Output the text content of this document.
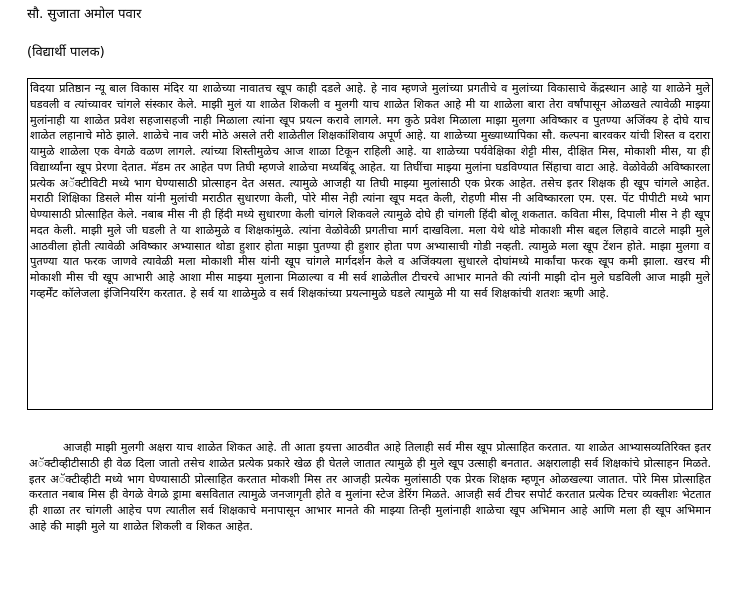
सौ. सुजाता अमोल पवार
(विद्यार्थी पालक)

विदया प्रतिष्ठान न्यू बाल विकास मंदिर या शाळेच्या नावातच खूप काही दडले आहे. हे नाव म्हणजे मुलांच्या प्रगतीचे व मुलांच्या विकासाचे केंद्रस्थान आहे या शाळेने मुले घडवली व त्यांच्यावर चांगले संस्कार केले. माझी मुलं या शाळेत शिकली व मुलगी याच शाळेत शिकत आहे मी या शाळेला बारा तेरा वर्षांपासून ओळखते त्यावेळी माझ्या मुलांनाही या शाळेत प्रवेश सहजासहजी नाही मिळाला त्यांना खूप प्रयत्न करावे लागले. मग कुठे प्रवेश मिळाला माझा मुलगा अविष्कार व पुतण्या अजिंक्य हे दोघे याच शाळेत लहानाचे मोठे झाले. शाळेचे नाव जरी मोठे असले तरी शाळेतील शिक्षकांशिवाय अपूर्ण आहे. या शाळेच्या मुख्याध्यापिका सौ. कल्पना बारवकर यांची शिस्त व दरारा यामुळे शाळेला एक वेगळे वळण लागले. त्यांच्या शिस्तीमुळेच आज शाळा टिकून राहिली आहे. या शाळेच्या पर्यवेक्षिका शेट्टी मीस, दीक्षित मिस, मोकाशी मीस, या ही विद्यार्थ्यांना खूप प्रेरणा देतात. मॅडम तर आहेत पण तिघी म्हणजे शाळेचा मध्यबिंदू आहेत. या तिघींचा माझ्या मुलांना घडविण्यात सिंहाचा वाटा आहे. वेळोवेळी अविष्कारला प्रत्येक अॅक्टीविटी मध्ये भाग घेण्यासाठी प्रोत्साहन देत असत. त्यामुळे आजही या तिघी माझ्या मुलांसाठी एक प्रेरक आहेत. तसेच इतर शिक्षक ही खूप चांगले आहेत. मराठी शिक्षिका डिसले मीस यांनी मुलांची मराठीत सुधारणा केली, पोरे मीस नेही त्यांना खूप मदत केली, रोहणी मीस नी अविष्कारला एम. एस. पेंट पीपीटी मध्ये भाग घेण्यासाठी प्रोत्साहित केले. नबाब मीस नी ही हिंदी मध्ये सुधारणा केली चांगले शिकवले त्यामुळे दोघे ही चांगली हिंदी बोलू शकतात. कविता मीस, दिपाली मीस ने ही खूप मदत केली. माझी मुले जी घडली ते या शाळेमुळे व शिक्षकांमुळे. त्यांना वेळोवेळी प्रगतीचा मार्ग दाखविला. मला येथे थोडे मोकाशी मीस बद्दल लिहावे वाटले माझी मुले आठवीला होती त्यावेळी अविष्कार अभ्यासात थोडा हुशार होता माझा पुतण्या ही हुशार होता पण अभ्यासाची गोडी नव्हती. त्यामुळे मला खूप टेंशन होते. माझा मुलगा व पुतण्या यात फरक जाणवे त्यावेळी मला मोकाशी मीस यांनी खूप चांगले मार्गदर्शन केले व अजिंक्यला सुधारले दोघांमध्ये मार्कांचा फरक खूप कमी झाला. खरच मी मोकाशी मीस ची खूप आभारी आहे आशा मीस माझ्या मुलाना मिळाल्या व मी सर्व शाळेतील टीचरचे आभार मानते की त्यांनी माझी दोन मुले घडविली आज माझी मुले गव्हर्मेंट कॉलेजला इंजिनियरिंग करतात. हे सर्व या शाळेमुळे व सर्व शिक्षकांच्या प्रयत्नामुळे घडले त्यामुळे मी या सर्व शिक्षकांची शतशः ऋणी आहे.

आजही माझी मुलगी अक्षरा याच शाळेत शिकत आहे. ती आता इयत्ता आठवीत आहे तिलाही सर्व मीस खूप प्रोत्साहित करतात. या शाळेत आभ्यासव्यतिरिक्त इतर अॅक्टीव्हीटीसाठी ही वेळ दिला जातो तसेच शाळेत प्रत्येक प्रकारे खेळ ही घेतले जातात त्यामुळे ही मुले खूप उत्साही बनतात. अक्षरालाही सर्व शिक्षकांचे प्रोत्साहन मिळते. इतर अॅक्टीव्हीटी मध्ये भाग घेण्यासाठी प्रोत्साहित करतात मोकशी मिस तर आजही प्रत्येक मुलांसाठी एक प्रेरक शिक्षक म्हणून ओळखल्या जातात. पोरे मिस प्रोत्साहित करतात नबाब मिस ही वेगळे वेगळे ड्रामा बसवितात त्यामुळे जनजागृती होते व मुलांना स्टेज डेरिंग मिळते. आजही सर्व टीचर सपोर्ट करतात प्रत्येक टिचर व्यक्तीशः भेटतात ही शाळा तर चांगली आहेच पण त्यातील सर्व शिक्षकाचे मनापासून आभार मानते की माझ्या तिन्ही मुलांनाही शाळेचा खूप अभिमान आहे आणि मला ही खूप अभिमान आहे की माझी मुले या शाळेत शिकली व शिकत आहेत.
